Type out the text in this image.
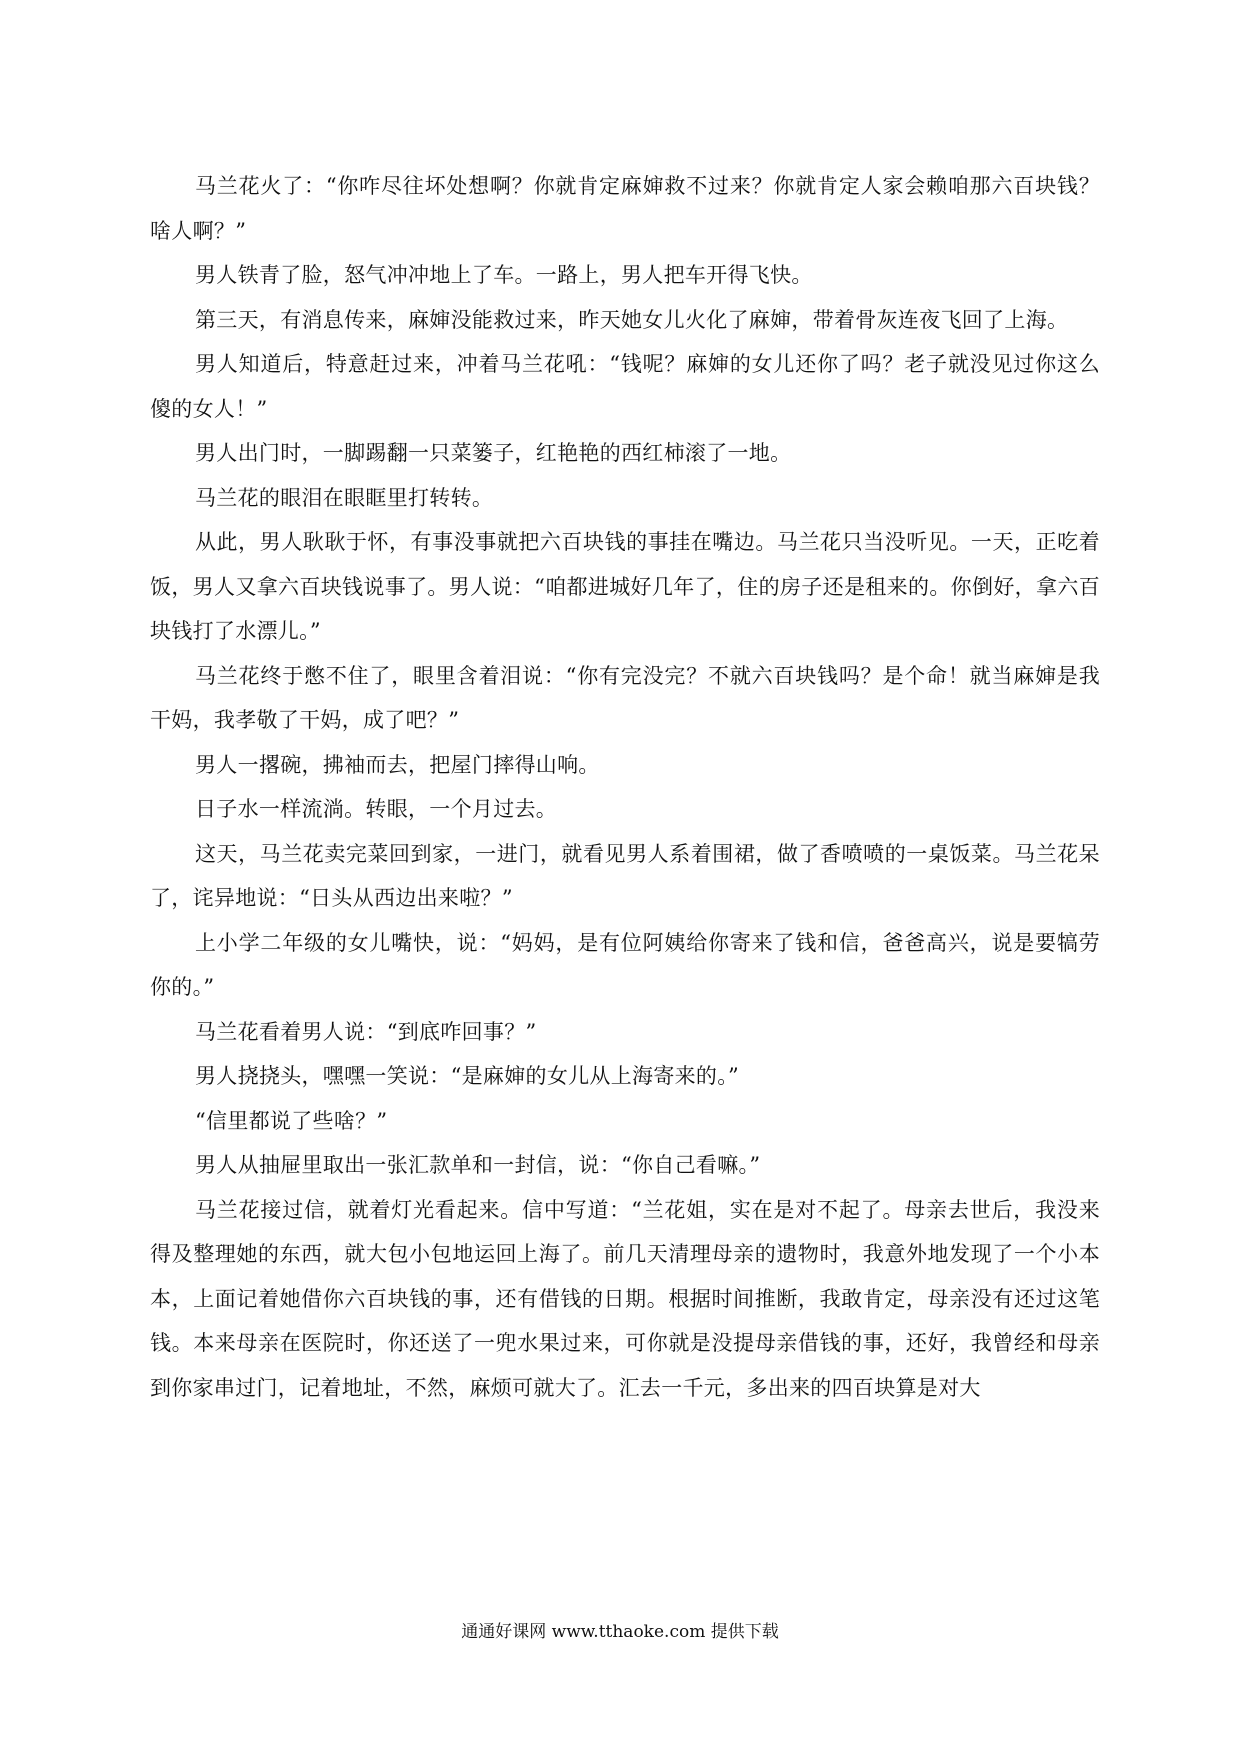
马兰花火了：“你咋尽往坏处想啊？你就肯定麻婶救不过来？你就肯定人家会赖咱那六百块钱？啥人啊？”

男人铁青了脸，怒气冲冲地上了车。一路上，男人把车开得飞快。

第三天，有消息传来，麻婶没能救过来，昨天她女儿火化了麻婶，带着骨灰连夜飞回了上海。

男人知道后，特意赶过来，冲着马兰花吼：“钱呢？麻婶的女儿还你了吗？老子就没见过你这么傻的女人！”

男人出门时，一脚踢翻一只菜篓子，红艳艳的西红柿滚了一地。

马兰花的眼泪在眼眶里打转转。

从此，男人耿耿于怀，有事没事就把六百块钱的事挂在嘴边。马兰花只当没听见。一天，正吃着饭，男人又拿六百块钱说事了。男人说：“咱都进城好几年了，住的房子还是租来的。你倒好，拿六百块钱打了水漂儿。”

马兰花终于憋不住了，眼里含着泪说：“你有完没完？不就六百块钱吗？是个命！就当麻婶是我干妈，我孝敬了干妈，成了吧？”

男人一撂碗，拂袖而去，把屋门摔得山响。

日子水一样流淌。转眼，一个月过去。

这天，马兰花卖完菜回到家，一进门，就看见男人系着围裙，做了香喷喷的一桌饭菜。马兰花呆了，诧异地说：“日头从西边出来啦？”

上小学二年级的女儿嘴快，说：“妈妈，是有位阿姨给你寄来了钱和信，爸爸高兴，说是要犒劳你的。”

马兰花看着男人说：“到底咋回事？”

男人挠挠头，嘿嘿一笑说：“是麻婶的女儿从上海寄来的。”

“信里都说了些啥？”

男人从抽屉里取出一张汇款单和一封信，说：“你自己看嘛。”

马兰花接过信，就着灯光看起来。信中写道：“兰花姐，实在是对不起了。母亲去世后，我没来得及整理她的东西，就大包小包地运回上海了。前几天清理母亲的遗物时，我意外地发现了一个小本本，上面记着她借你六百块钱的事，还有借钱的日期。根据时间推断，我敢肯定，母亲没有还过这笔钱。本来母亲在医院时，你还送了一兜水果过来，可你就是没提母亲借钱的事，还好，我曾经和母亲到你家串过门，记着地址，不然，麻烦可就大了。汇去一千元，多出来的四百块算是对大

通通好课网 www.tthaoke.com 提供下载
